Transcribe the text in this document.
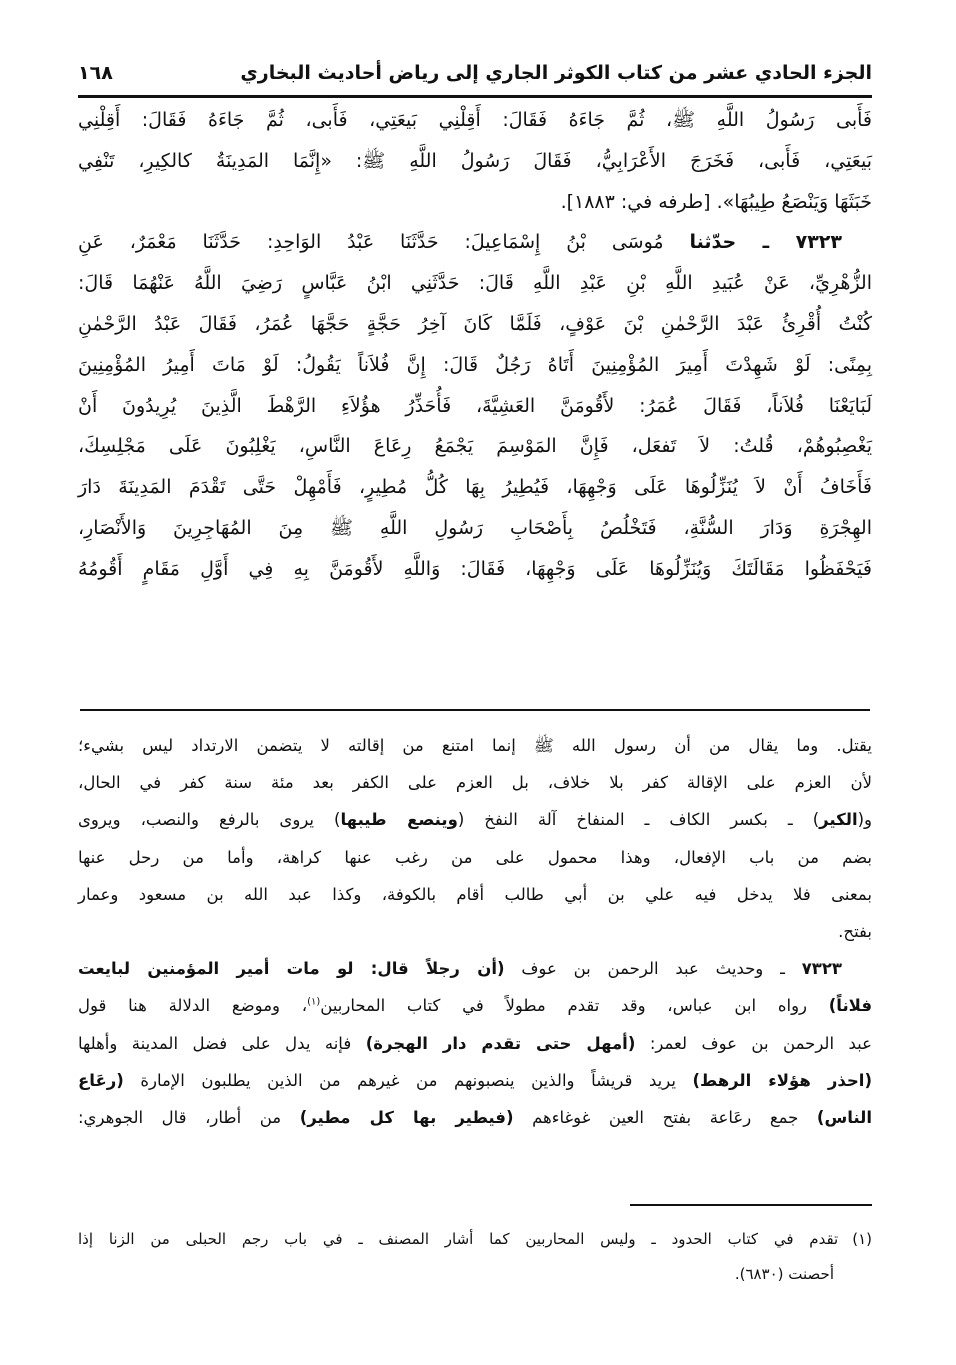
الجزء الحادي عشر من كتاب الكوثر الجاري إلى رياض أحاديث البخاري
١٦٨
فَأَبى رَسُولُ اللَّهِ ﷺ، ثُمَّ جَاءَهُ فَقَالَ: أَقِلْنِي بَيعَتِي، فَأَبى، ثُمَّ جَاءَهُ فَقَالَ: أَقِلْنِي
بَيعَتِي، فَأَبى، فَخَرَجَ الأَعْرَابِيُّ، فَقَالَ رَسُولُ اللَّهِ ﷺ: «إِنَّمَا المَدِينَةُ كالكِيرِ، تَنْفِي
خَبَثَهَا وَيَنْصَعُ طِيبُهَا». [طرفه في: ١٨٨٣].
٧٣٢٣ ـ حدّثنا مُوسَى بْنُ إِسْمَاعِيلَ: حَدَّثَنَا عَبْدُ الوَاحِدِ: حَدَّثَنَا مَعْمَرٌ، عَنِ
الزُّهْرِيِّ، عَنْ عُبَيدِ اللَّهِ بْنِ عَبْدِ اللَّهِ قَالَ: حَدَّثَنِي ابْنُ عَبَّاسٍ رَضِيَ اللَّهُ عَنْهُمَا قَالَ:
كُنْتُ أُقْرِئُ عَبْدَ الرَّحْمٰنِ بْنَ عَوْفٍ، فَلَمَّا كَانَ آخِرُ حَجَّةٍ حَجَّهَا عُمَرُ، فَقَالَ عَبْدُ الرَّحْمٰنِ
بِمِنًى: لَوْ شَهِدْتَ أَمِيرَ المُؤْمِنِينَ أَتَاهُ رَجُلٌ قَالَ: إِنَّ فُلاَناً يَقُولُ: لَوْ مَاتَ أَمِيرُ المُؤْمِنِينَ
لَبَايَعْنَا فُلاَناً، فَقَالَ عُمَرُ: لأَقُومَنَّ العَشِيَّةَ، فَأُحَذِّرُ هؤُلاَءِ الرَّهْطَ الَّذِينَ يُرِيدُونَ أَنْ
يَغْصِبُوهُمْ، قُلتُ: لاَ تَفعَل، فَإِنَّ المَوْسِمَ يَجْمَعُ رِعَاعَ النَّاسِ، يَغْلِبُونَ عَلَى مَجْلِسِكَ،
فَأَخَافُ أَنْ لاَ يُنَزِّلُوهَا عَلَى وَجْهِهَا، فَيُطِيرُ بِهَا كُلُّ مُطِيرٍ، فَأَمْهِلْ حَتَّى تَقْدَمَ المَدِينَةَ دَارَ
الهِجْرَةِ وَدَارَ السُّنَّةِ، فَتَخْلُصُ بِأَصْحَابِ رَسُولِ اللَّهِ ﷺ مِنَ المُهَاجِرِينَ وَالأَنْصَارِ،
فَيَحْفَظُوا مَقَالَتَكَ وَيُنَزِّلُوهَا عَلَى وَجْهِهَا، فَقَالَ: وَاللَّهِ لأَقُومَنَّ بِهِ فِي أَوَّلِ مَقَامٍ أَقُومُهُ
يقتل. وما يقال من أن رسول الله ﷺ إنما امتنع من إقالته لا يتضمن الارتداد ليس بشيء؛
لأن العزم على الإقالة كفر بلا خلاف، بل العزم على الكفر بعد مئة سنة كفر في الحال،
و(الكير) ـ بكسر الكاف ـ المنفاخ آلة النفخ (وينصع طيبها) يروى بالرفع والنصب، ويروى
بضم من باب الإفعال، وهذا محمول على من رغب عنها كراهة، وأما من رحل عنها
بمعنى فلا يدخل فيه علي بن أبي طالب أقام بالكوفة، وكذا عبد الله بن مسعود وعمار
بفتح.
٧٣٢٣ ـ وحديث عبد الرحمن بن عوف (أن رجلاً قال: لو مات أمير المؤمنين لبايعت
فلاناً) رواه ابن عباس، وقد تقدم مطولاً في كتاب المحاربين$^{(١)}$، وموضع الدلالة هنا قول
عبد الرحمن بن عوف لعمر: (أمهل حتى تقدم دار الهجرة) فإنه يدل على فضل المدينة وأهلها
(احذر هؤلاء الرهط) يريد قريشاً والذين ينصبونهم من غيرهم من الذين يطلبون الإمارة (رعَاع
الناس) جمع رعَاعة بفتح العين غوغاءهم (فيطير بها كل مطير) من أطار، قال الجوهري:
(١)تقدم في كتاب الحدود ـ وليس المحاربين كما أشار المصنف ـ في باب رجم الحبلى من الزنا إذا
أحصنت (٦٨٣٠).
